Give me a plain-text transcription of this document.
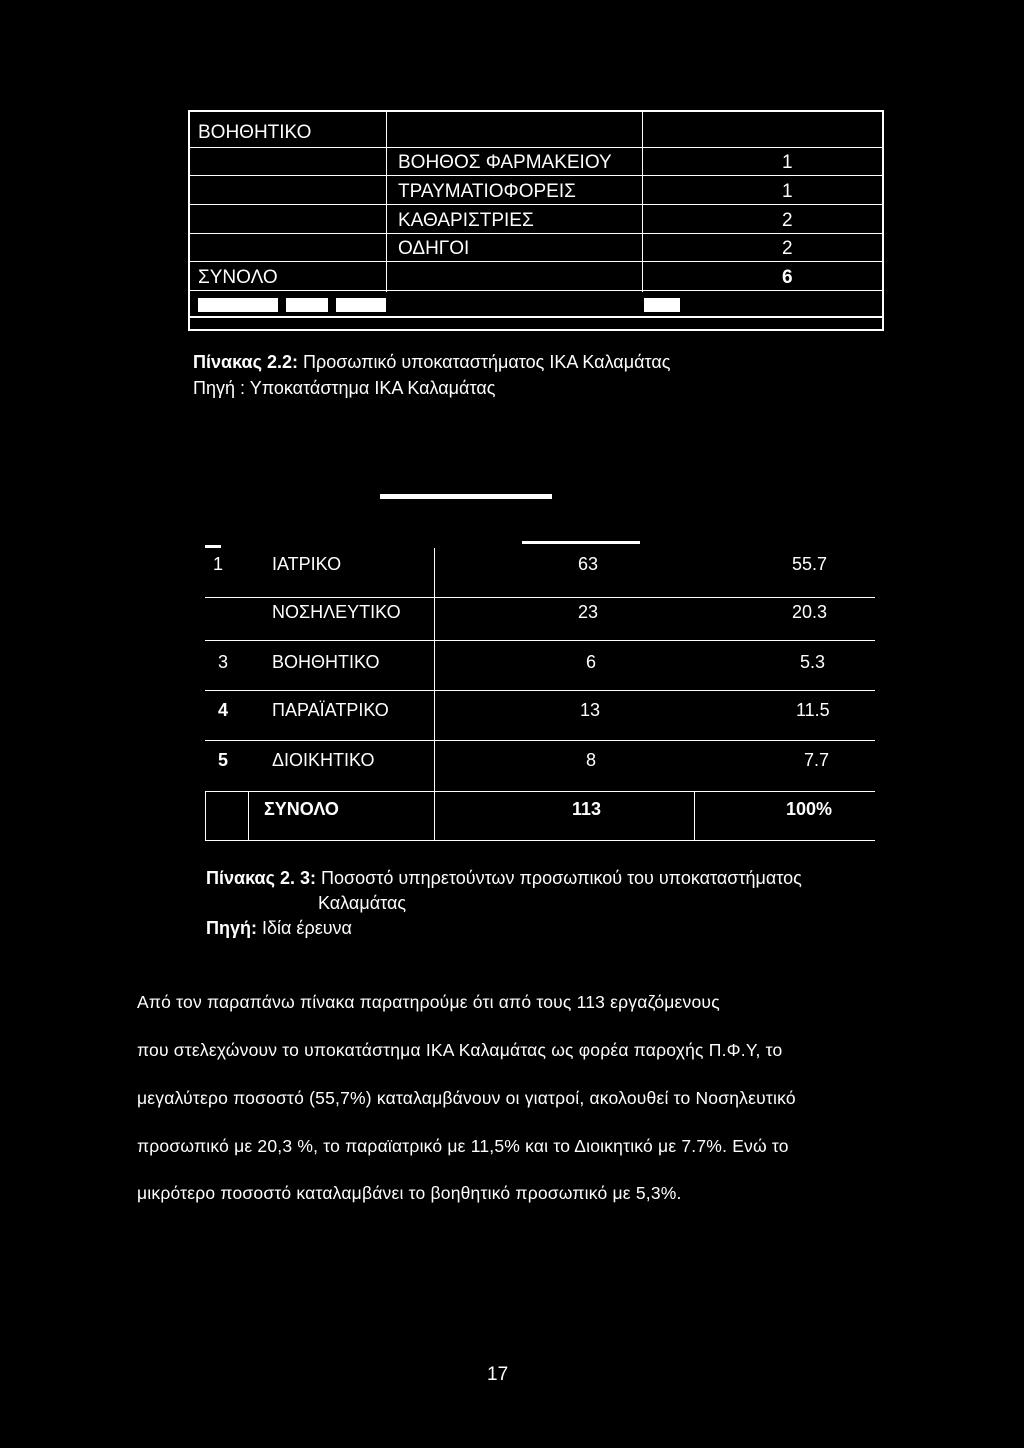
ΒΟΗΘΗΤΙΚΟ
ΒΟΗΘΟΣ ΦΑΡΜΑΚΕΙΟΥ	1
ΤΡΑΥΜΑΤΙΟΦΟΡΕΙΣ	1
ΚΑΘΑΡΙΣΤΡΙΕΣ	2
ΟΔΗΓΟΙ	2
ΣΥΝΟΛΟ	6
Πίνακας 2.2: Προσωπικό υποκαταστήματος ΙΚΑ Καλαμάτας
Πηγή : Υποκατάστημα ΙΚΑ Καλαμάτας
1	ΙΑΤΡΙΚΟ	63	55.7
ΝΟΣΗΛΕΥΤΙΚΟ	23	20.3
3 ΒΟΗΘΗΤΙΚΟ	6	5.3
4 ΠΑΡΑΪΑΤΡΙΚΟ	13	11.5
5 ΔΙΟΙΚΗΤΙΚΟ	8	7.7
ΣΥΝΟΛΟ	113	100%
Πίνακας 2. 3: Ποσοστό υπηρετούντων προσωπικού του υποκαταστήματος
Καλαμάτας
Πηγή: Ιδία έρευνα
Από τον παραπάνω πίνακα παρατηρούμε ότι από τους 113 εργαζόμενους
που στελεχώνουν το υποκατάστημα ΙΚΑ Καλαμάτας ως φορέα παροχής Π.Φ.Υ, το
μεγαλύτερο ποσοστό (55,7%) καταλαμβάνουν οι γιατροί, ακολουθεί το Νοσηλευτικό
προσωπικό με 20,3 %, το παραϊατρικό με 11,5% και το Διοικητικό με 7.7%. Ενώ το
μικρότερο ποσοστό καταλαμβάνει το βοηθητικό προσωπικό με 5,3%.
17
